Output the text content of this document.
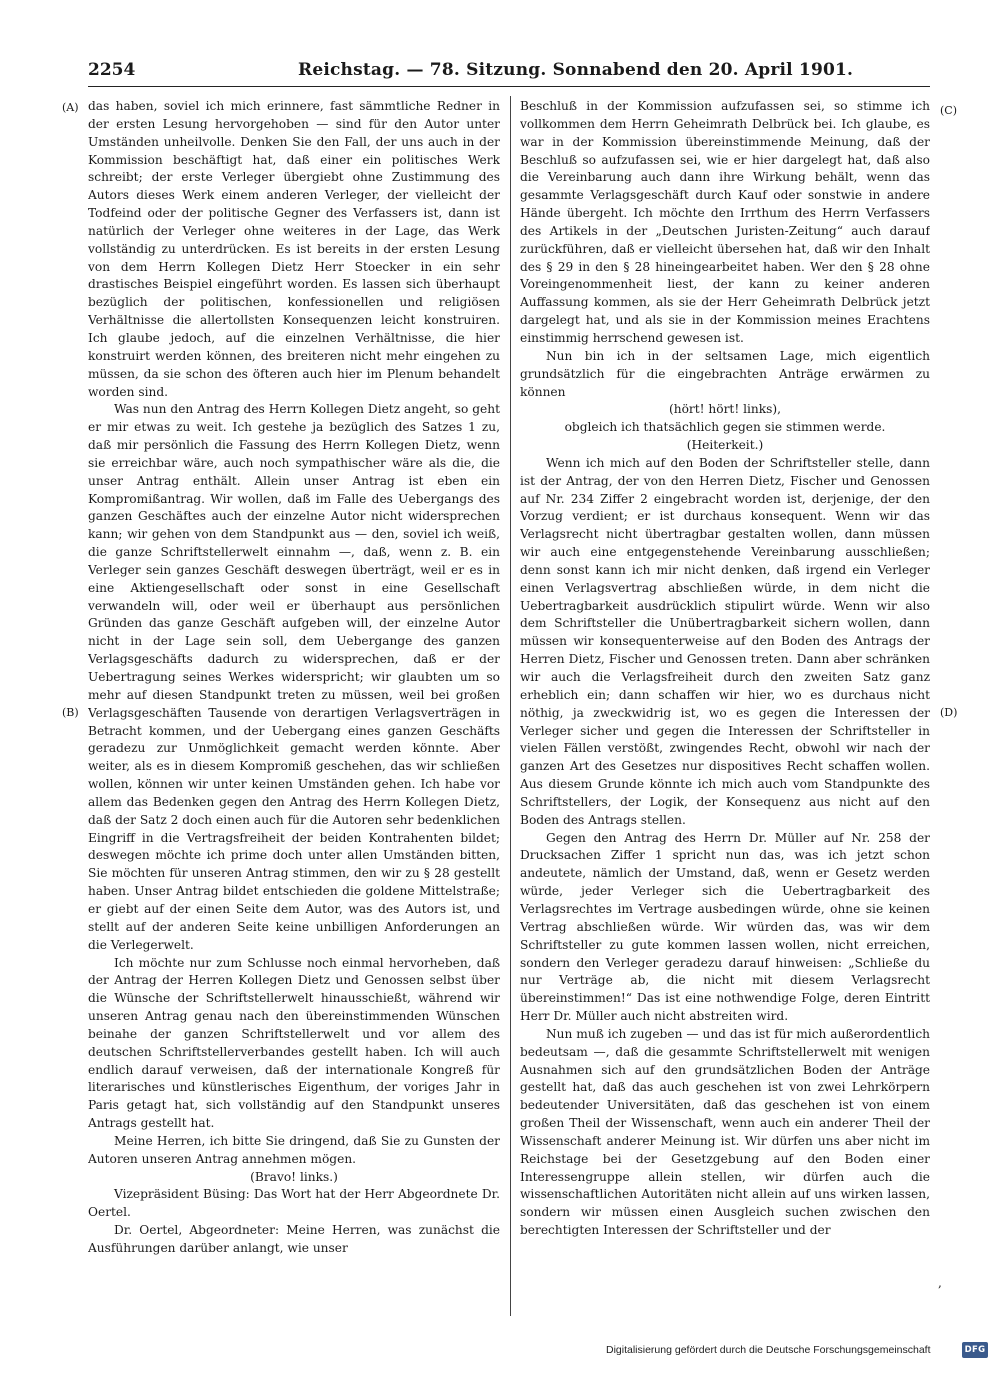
2254	Reichstag. — 78. Sitzung. Sonnabend den 20. April 1901.
(A)
(B)
(C)
(D)

das haben, soviel ich mich erinnere, fast sämmtliche Redner in der ersten Lesung hervorgehoben — sind für den Autor unter Umständen unheilvolle. Denken Sie den Fall, der uns auch in der Kommission beschäftigt hat, daß einer ein politisches Werk schreibt; der erste Verleger übergiebt ohne Zustimmung des Autors dieses Werk einem anderen Verleger, der vielleicht der Todfeind oder der politische Gegner des Verfassers ist, dann ist natürlich der Verleger ohne weiteres in der Lage, das Werk vollständig zu unterdrücken. Es ist bereits in der ersten Lesung von dem Herrn Kollegen Dietz Herr Stoecker in ein sehr drastisches Beispiel eingeführt worden. Es lassen sich überhaupt bezüglich der politischen, konfessionellen und religiösen Verhältnisse die allertollsten Konsequenzen leicht konstruiren. Ich glaube jedoch, auf die einzelnen Verhältnisse, die hier konstruirt werden können, des breiteren nicht mehr eingehen zu müssen, da sie schon des öfteren auch hier im Plenum behandelt worden sind.

Was nun den Antrag des Herrn Kollegen Dietz angeht, so geht er mir etwas zu weit. Ich gestehe ja bezüglich des Satzes 1 zu, daß mir persönlich die Fassung des Herrn Kollegen Dietz, wenn sie erreichbar wäre, auch noch sympathischer wäre als die, die unser Antrag enthält. Allein unser Antrag ist eben ein Kompromißantrag. Wir wollen, daß im Falle des Uebergangs des ganzen Geschäftes auch der einzelne Autor nicht widersprechen kann; wir gehen von dem Standpunkt aus — den, soviel ich weiß, die ganze Schriftstellerwelt einnahm —, daß, wenn z. B. ein Verleger sein ganzes Geschäft deswegen überträgt, weil er es in eine Aktiengesellschaft oder sonst in eine Gesellschaft verwandeln will, oder weil er überhaupt aus persönlichen Gründen das ganze Geschäft aufgeben will, der einzelne Autor nicht in der Lage sein soll, dem Uebergange des ganzen Verlagsgeschäfts dadurch zu widersprechen, daß er der Uebertragung seines Werkes widerspricht; wir glaubten um so mehr auf diesen Standpunkt treten zu müssen, weil bei großen Verlagsgeschäften Tausende von derartigen Verlagsverträgen in Betracht kommen, und der Uebergang eines ganzen Geschäfts geradezu zur Unmöglichkeit gemacht werden könnte. Aber weiter, als es in diesem Kompromiß geschehen, das wir schließen wollen, können wir unter keinen Umständen gehen. Ich habe vor allem das Bedenken gegen den Antrag des Herrn Kollegen Dietz, daß der Satz 2 doch einen auch für die Autoren sehr bedenklichen Eingriff in die Vertragsfreiheit der beiden Kontrahenten bildet; deswegen möchte ich prime doch unter allen Umständen bitten, Sie möchten für unseren Antrag stimmen, den wir zu § 28 gestellt haben. Unser Antrag bildet entschieden die goldene Mittelstraße; er giebt auf der einen Seite dem Autor, was des Autors ist, und stellt auf der anderen Seite keine unbilligen Anforderungen an die Verlegerwelt.

Ich möchte nur zum Schlusse noch einmal hervorheben, daß der Antrag der Herren Kollegen Dietz und Genossen selbst über die Wünsche der Schriftstellerwelt hinausschießt, während wir unseren Antrag genau nach den übereinstimmenden Wünschen beinahe der ganzen Schriftstellerwelt und vor allem des deutschen Schriftstellerverbandes gestellt haben. Ich will auch endlich darauf verweisen, daß der internationale Kongreß für literarisches und künstlerisches Eigenthum, der voriges Jahr in Paris getagt hat, sich vollständig auf den Standpunkt unseres Antrags gestellt hat.

Meine Herren, ich bitte Sie dringend, daß Sie zu Gunsten der Autoren unseren Antrag annehmen mögen.

(Bravo! links.)

Vizepräsident Büsing: Das Wort hat der Herr Abgeordnete Dr. Oertel.

Dr. Oertel, Abgeordneter: Meine Herren, was zunächst die Ausführungen darüber anlangt, wie unser

Beschluß in der Kommission aufzufassen sei, so stimme ich vollkommen dem Herrn Geheimrath Delbrück bei. Ich glaube, es war in der Kommission übereinstimmende Meinung, daß der Beschluß so aufzufassen sei, wie er hier dargelegt hat, daß also die Vereinbarung auch dann ihre Wirkung behält, wenn das gesammte Verlagsgeschäft durch Kauf oder sonstwie in andere Hände übergeht. Ich möchte den Irrthum des Herrn Verfassers des Artikels in der „Deutschen Juristen-Zeitung“ auch darauf zurückführen, daß er vielleicht übersehen hat, daß wir den Inhalt des § 29 in den § 28 hineingearbeitet haben. Wer den § 28 ohne Voreingenommenheit liest, der kann zu keiner anderen Auffassung kommen, als sie der Herr Geheimrath Delbrück jetzt dargelegt hat, und als sie in der Kommission meines Erachtens einstimmig herrschend gewesen ist.

Nun bin ich in der seltsamen Lage, mich eigentlich grundsätzlich für die eingebrachten Anträge erwärmen zu können

(hört! hört! links),

obgleich ich thatsächlich gegen sie stimmen werde.

(Heiterkeit.)

Wenn ich mich auf den Boden der Schriftsteller stelle, dann ist der Antrag, der von den Herren Dietz, Fischer und Genossen auf Nr. 234 Ziffer 2 eingebracht worden ist, derjenige, der den Vorzug verdient; er ist durchaus konsequent. Wenn wir das Verlagsrecht nicht übertragbar gestalten wollen, dann müssen wir auch eine entgegenstehende Vereinbarung ausschließen; denn sonst kann ich mir nicht denken, daß irgend ein Verleger einen Verlagsvertrag abschließen würde, in dem nicht die Uebertragbarkeit ausdrücklich stipulirt würde. Wenn wir also dem Schriftsteller die Unübertragbarkeit sichern wollen, dann müssen wir konsequenterweise auf den Boden des Antrags der Herren Dietz, Fischer und Genossen treten. Dann aber schränken wir auch die Verlagsfreiheit durch den zweiten Satz ganz erheblich ein; dann schaffen wir hier, wo es durchaus nicht nöthig, ja zweckwidrig ist, wo es gegen die Interessen der Verleger sicher und gegen die Interessen der Schriftsteller in vielen Fällen verstößt, zwingendes Recht, obwohl wir nach der ganzen Art des Gesetzes nur dispositives Recht schaffen wollen. Aus diesem Grunde könnte ich mich auch vom Standpunkte des Schriftstellers, der Logik, der Konsequenz aus nicht auf den Boden des Antrags stellen.

Gegen den Antrag des Herrn Dr. Müller auf Nr. 258 der Drucksachen Ziffer 1 spricht nun das, was ich jetzt schon andeutete, nämlich der Umstand, daß, wenn er Gesetz werden würde, jeder Verleger sich die Uebertragbarkeit des Verlagsrechtes im Vertrage ausbedingen würde, ohne sie keinen Vertrag abschließen würde. Wir würden das, was wir dem Schriftsteller zu gute kommen lassen wollen, nicht erreichen, sondern den Verleger geradezu darauf hinweisen: „Schließe du nur Verträge ab, die nicht mit diesem Verlagsrecht übereinstimmen!“ Das ist eine nothwendige Folge, deren Eintritt Herr Dr. Müller auch nicht abstreiten wird.

Nun muß ich zugeben — und das ist für mich außerordentlich bedeutsam —, daß die gesammte Schriftstellerwelt mit wenigen Ausnahmen sich auf den grundsätzlichen Boden der Anträge gestellt hat, daß das auch geschehen ist von zwei Lehrkörpern bedeutender Universitäten, daß das geschehen ist von einem großen Theil der Wissenschaft, wenn auch ein anderer Theil der Wissenschaft anderer Meinung ist. Wir dürfen uns aber nicht im Reichstage bei der Gesetzgebung auf den Boden einer Interessengruppe allein stellen, wir dürfen auch die wissenschaftlichen Autoritäten nicht allein auf uns wirken lassen, sondern wir müssen einen Ausgleich suchen zwischen den berechtigten Interessen der Schriftsteller und der

,
Digitalisierung gefördert durch die Deutsche Forschungsgemeinschaft	DFG
